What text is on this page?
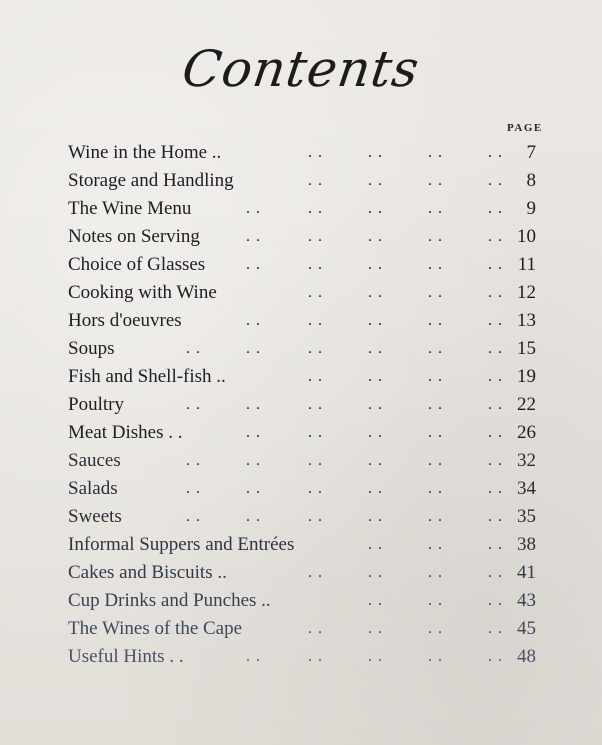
Contents
PAGE
Wine in the Home ..	. .	. .	. .	. . 7
Storage and Handling	. .	. .	. .	. . 8
The Wine Menu	. .	. .	. .	. .	. . 9
Notes on Serving	. .	. .	. .	. .	. . 10
Choice of Glasses	. .	. .	. .	. .	. . 11
Cooking with Wine	. .	. .	. .	. . 12
Hors d'oeuvres	. .	. .	. .	. .	. . 13
Soups	. .	. .	. .	. .	. .	. . 15
Fish and Shell-fish ..	. .	. .	. .	. . 19
Poultry	. .	. .	. .	. .	. .	. . 22
Meat Dishes . .	. .	. .	. .	. .	. . 26
Sauces	. .	. .	. .	. .	. .	. . 32
Salads	. .	. .	. .	. .	. .	. . 34
Sweets	. .	. .	. .	. .	. .	. . 35
Informal Suppers and Entrées	. .	. .	. . 38
Cakes and Biscuits ..	. .	. .	. .	. . 41
Cup Drinks and Punches ..	. .	. .	. . 43
The Wines of the Cape	. .	. .	. .	. . 45
Useful Hints . .	. .	. .	. .	. .	. . 48
